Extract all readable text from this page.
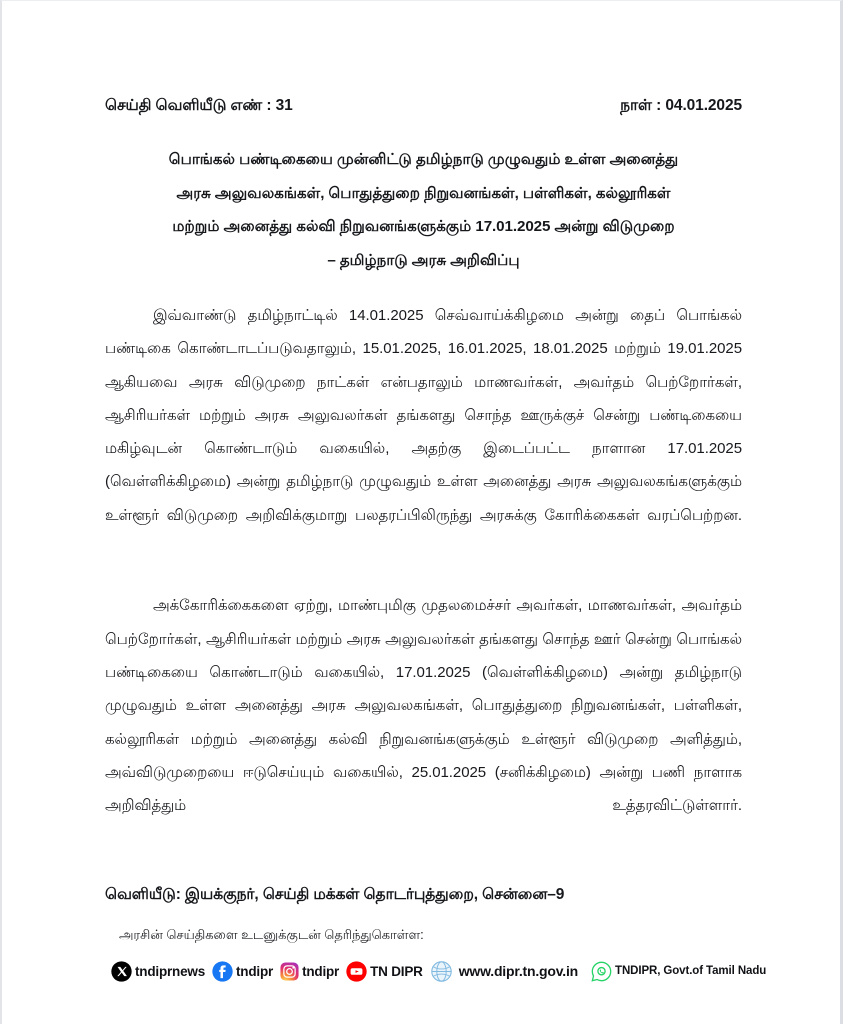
செய்தி வெளியீடு எண் : 31	நாள் : 04.01.2025
பொங்கல் பண்டிகையை முன்னிட்டு தமிழ்நாடு முழுவதும் உள்ள அனைத்து
அரசு அலுவலகங்கள், பொதுத்துறை நிறுவனங்கள், பள்ளிகள், கல்லூரிகள்
மற்றும் அனைத்து கல்வி நிறுவனங்களுக்கும் 17.01.2025 அன்று விடுமுறை
– தமிழ்நாடு அரசு அறிவிப்பு

இவ்வாண்டு தமிழ்நாட்டில் 14.01.2025 செவ்வாய்க்கிழமை அன்று தைப் பொங்கல் பண்டிகை கொண்டாடப்படுவதாலும், 15.01.2025, 16.01.2025, 18.01.2025 மற்றும் 19.01.2025 ஆகியவை அரசு விடுமுறை நாட்கள் என்பதாலும் மாணவர்கள், அவர்தம் பெற்றோர்கள், ஆசிரியர்கள் மற்றும் அரசு அலுவலர்கள் தங்களது சொந்த ஊருக்குச் சென்று பண்டிகையை மகிழ்வுடன் கொண்டாடும் வகையில், அதற்கு இடைப்பட்ட நாளான 17.01.2025 (வெள்ளிக்கிழமை) அன்று தமிழ்நாடு முழுவதும் உள்ள அனைத்து அரசு அலுவலகங்களுக்கும் உள்ளூர் விடுமுறை அறிவிக்குமாறு பலதரப்பிலிருந்து அரசுக்கு கோரிக்கைகள் வரப்பெற்றன.

அக்கோரிக்கைகளை ஏற்று, மாண்புமிகு முதலமைச்சர் அவர்கள், மாணவர்கள், அவர்தம் பெற்றோர்கள், ஆசிரியர்கள் மற்றும் அரசு அலுவலர்கள் தங்களது சொந்த ஊர் சென்று பொங்கல் பண்டிகையை கொண்டாடும் வகையில், 17.01.2025 (வெள்ளிக்கிழமை) அன்று தமிழ்நாடு முழுவதும் உள்ள அனைத்து அரசு அலுவலகங்கள், பொதுத்துறை நிறுவனங்கள், பள்ளிகள், கல்லூரிகள் மற்றும் அனைத்து கல்வி நிறுவனங்களுக்கும் உள்ளூர் விடுமுறை அளித்தும், அவ்விடுமுறையை ஈடுசெய்யும் வகையில், 25.01.2025 (சனிக்கிழமை) அன்று பணி நாளாக அறிவித்தும் உத்தரவிட்டுள்ளார்.

வெளியீடு: இயக்குநர், செய்தி மக்கள் தொடர்புத்துறை, சென்னை–9
அரசின் செய்திகளை உடனுக்குடன் தெரிந்துகொள்ள:
tndiprnews tndipr tndipr TN DIPR	www.dipr.tn.gov.in	TNDIPR, Govt.of Tamil Nadu
